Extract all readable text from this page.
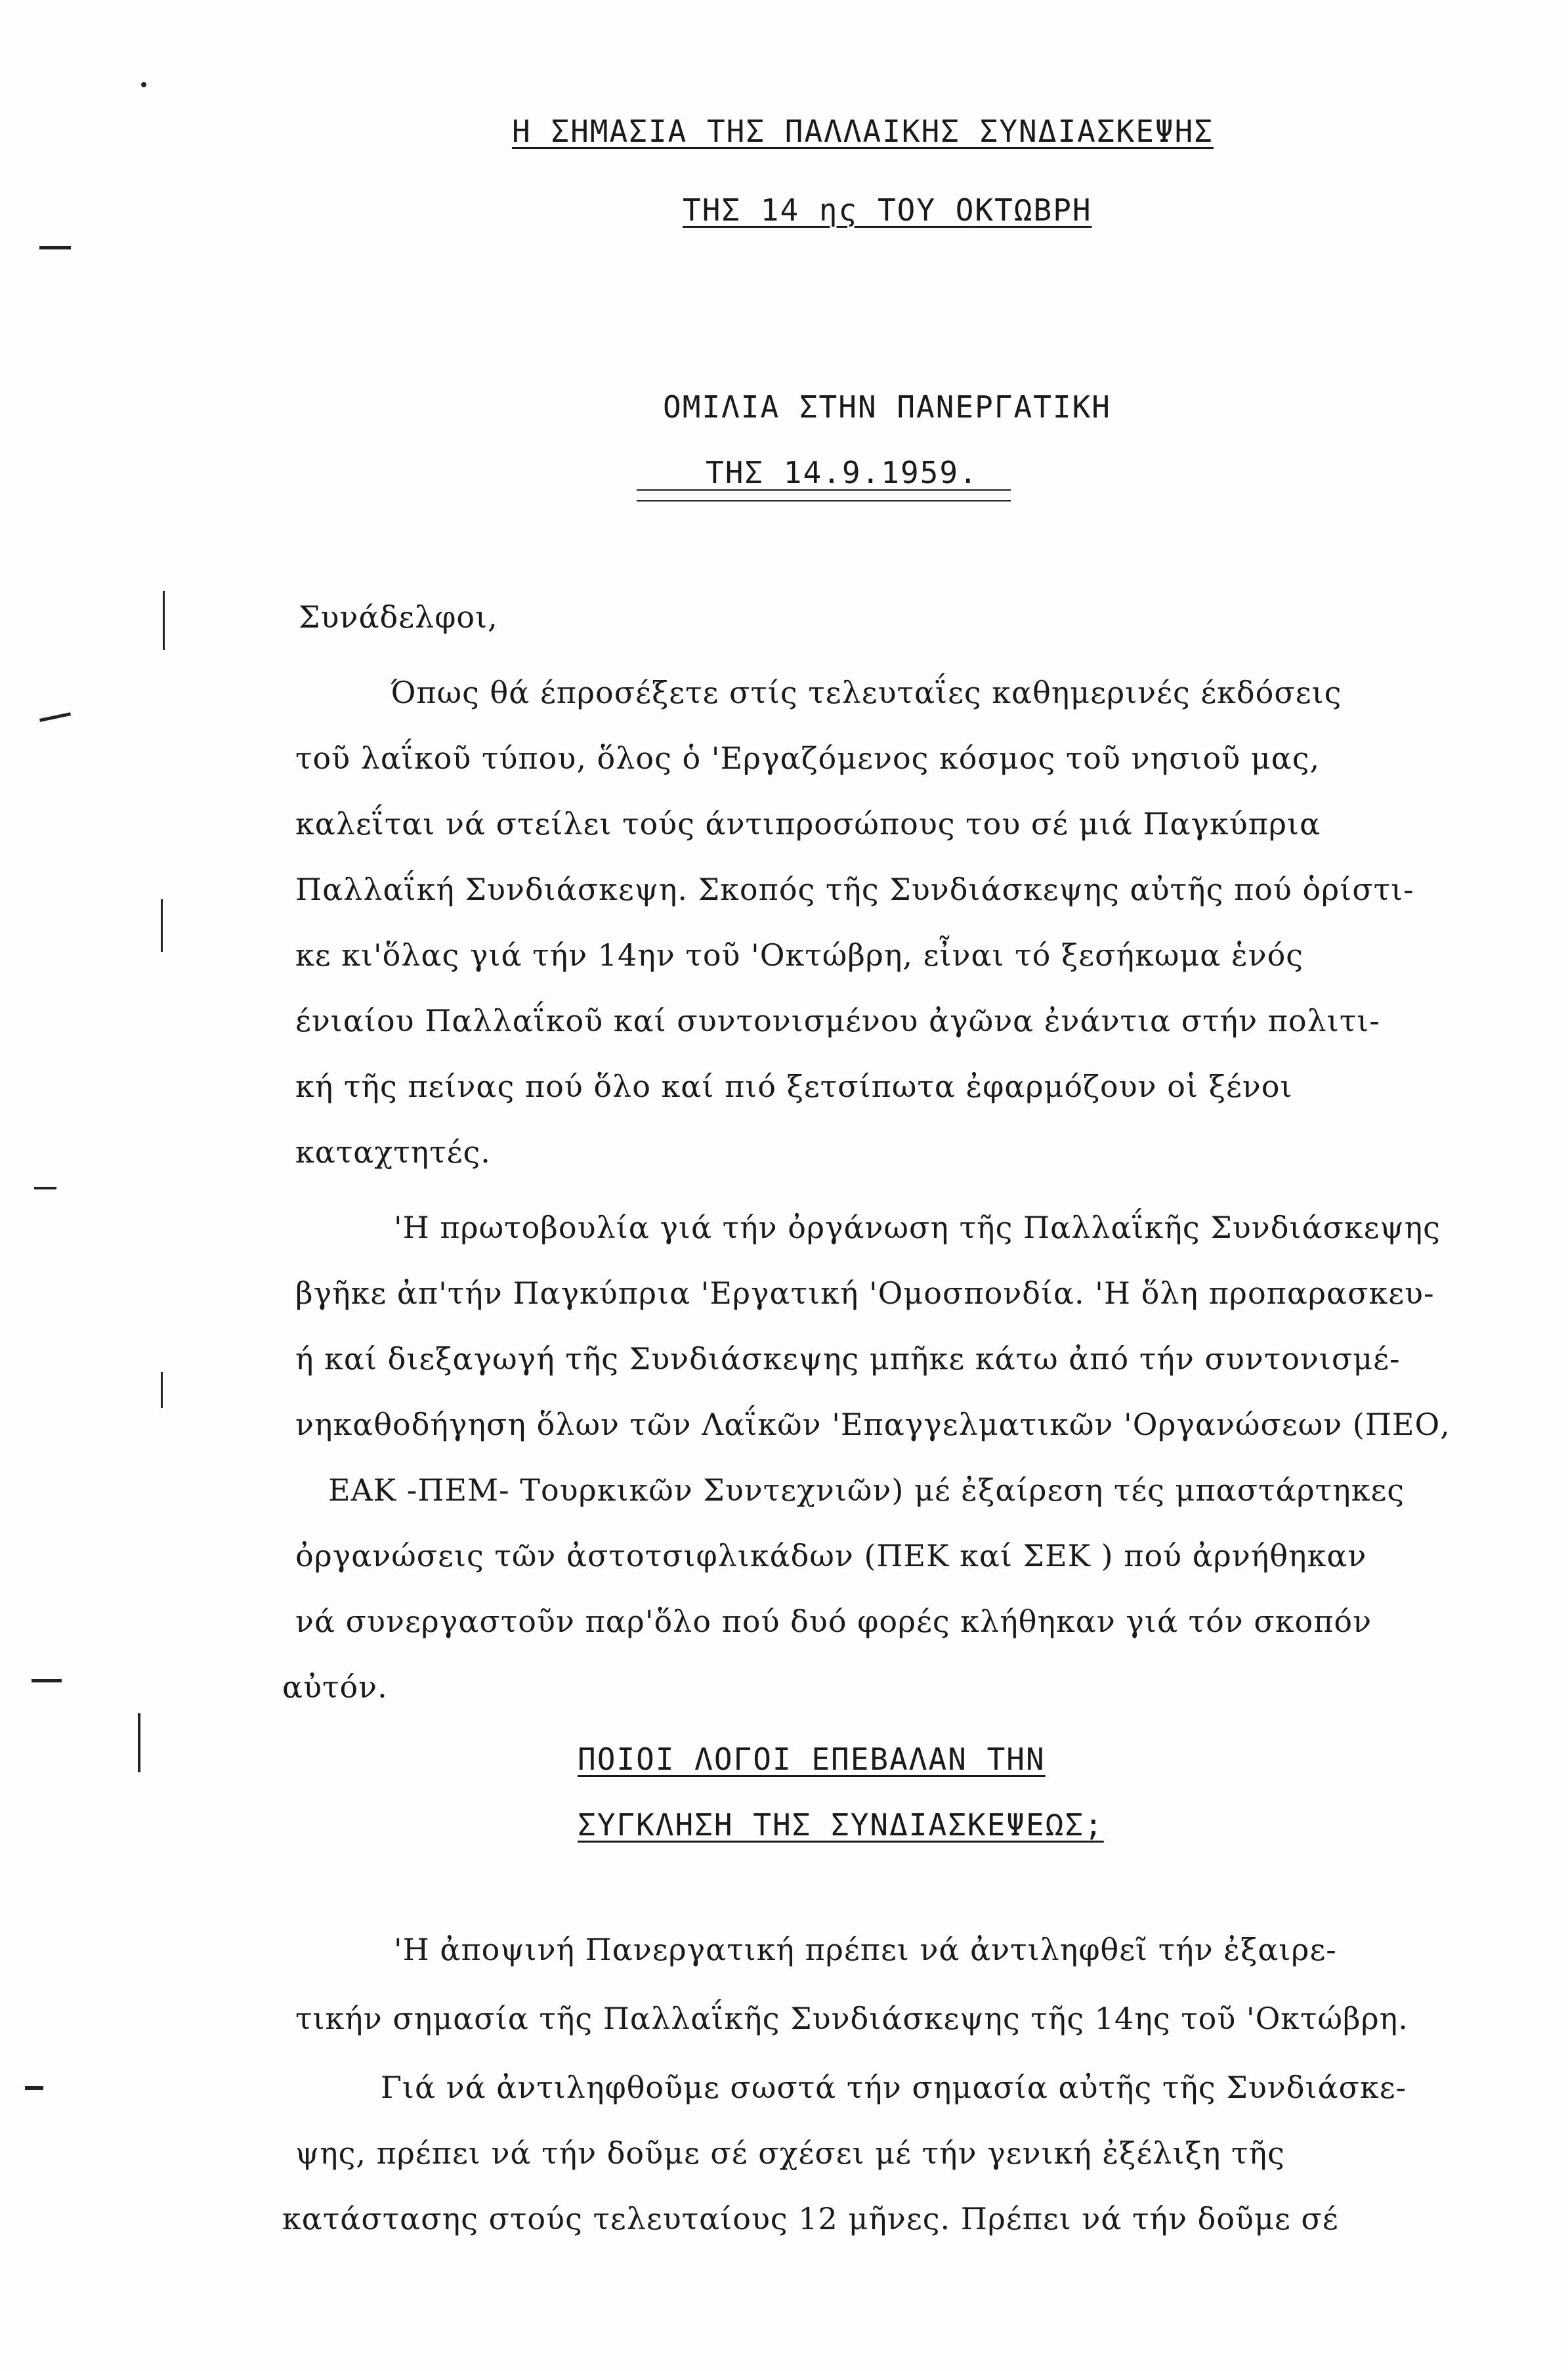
Η ΣΗΜΑΣΙΑ ΤΗΣ ΠΑΛΛΑΙΚΗΣ ΣΥΝΔΙΑΣΚΕΨΗΣ
ΤΗΣ 14 ης ΤΟΥ ΟΚΤΩΒΡΗ
ΟΜΙΛΙΑ ΣΤΗΝ ΠΑΝΕΡΓΑΤΙΚΗ
ΤΗΣ 14.9.1959.
Συνάδελφοι,
Όπως θά έπροσέξετε στίς τελευταΐες καθημερινές έκδόσεις
τοῦ λαΐκοῦ τύπου, ὅλος ὁ 'Εργαζόμενος κόσμος τοῦ νησιοῦ μας,
καλεΐται νά στείλει τούς άντιπροσώπους του σέ μιά Παγκύπρια
Παλλαΐκή Συνδιάσκεψη. Σκοπός τῆς Συνδιάσκεψης αὐτῆς πού ὁρίστι-
κε κι'ὅλας γιά τήν 14ην τοῦ 'Οκτώβρη, εἶναι τό ξεσήκωμα ἑνός
ένιαίου Παλλαΐκοῦ καί συντονισμένου ἀγῶνα ἐνάντια στήν πολιτι-
κή τῆς πείνας πού ὅλο καί πιό ξετσίπωτα ἐφαρμόζουν οἱ ξένοι
καταχτητές.
'Η πρωτοβουλία γιά τήν ὀργάνωση τῆς Παλλαΐκῆς Συνδιάσκεψης
βγῆκε ἀπ'τήν Παγκύπρια 'Εργατική 'Ομοσπονδία. 'Η ὅλη προπαρασκευ-
ή καί διεξαγωγή τῆς Συνδιάσκεψης μπῆκε κάτω ἀπό τήν συντονισμέ-
νηκαθοδήγηση ὅλων τῶν Λαΐκῶν 'Επαγγελματικῶν 'Οργανώσεων (ΠΕΟ,
ΕΑΚ -ΠΕΜ- Τουρκικῶν Συντεχνιῶν) μέ ἐξαίρεση τές μπαστάρτηκες
ὀργανώσεις τῶν ἀστοτσιφλικάδων (ΠΕΚ καί ΣΕΚ ) πού ἀρνήθηκαν
νά συνεργαστοῦν παρ'ὅλο πού δυό φορές κλήθηκαν γιά τόν σκοπόν
αὐτόν.
ΠΟΙΟΙ ΛΟΓΟΙ ΕΠΕΒΑΛΑΝ ΤΗΝ
ΣΥΓΚΛΗΣΗ ΤΗΣ ΣΥΝΔΙΑΣΚΕΨΕΩΣ;
'Η ἀποψινή Πανεργατική πρέπει νά ἀντιληφθεῖ τήν ἐξαιρε-
τικήν σημασία τῆς Παλλαΐκῆς Συνδιάσκεψης τῆς 14ης τοῦ 'Οκτώβρη.
Γιά νά ἀντιληφθοῦμε σωστά τήν σημασία αὐτῆς τῆς Συνδιάσκε-
ψης, πρέπει νά τήν δοῦμε σέ σχέσει μέ τήν γενική ἐξέλιξη τῆς
κατάστασης στούς τελευταίους 12 μῆνες. Πρέπει νά τήν δοῦμε σέ
